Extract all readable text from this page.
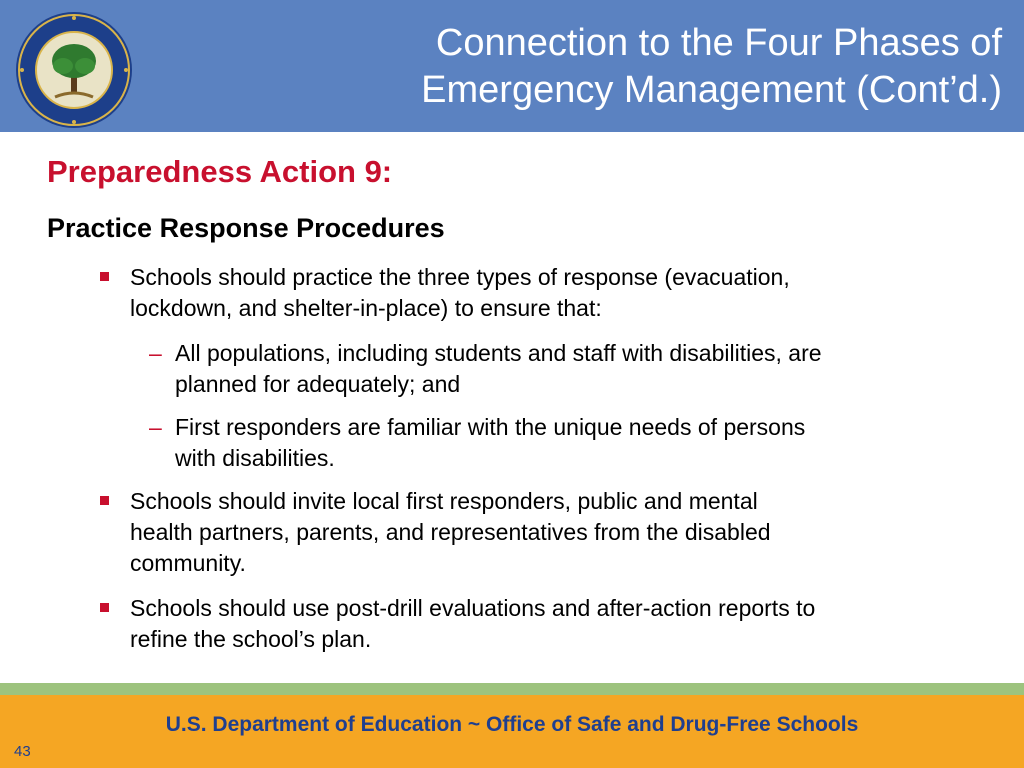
Connection to the Four Phases of
Emergency Management (Cont’d.)
Preparedness Action 9:
Practice Response Procedures
Schools should practice the three types of response (evacuation,
lockdown, and shelter-in-place) to ensure that:
– All populations, including students and staff with disabilities, are
planned for adequately; and
– First responders are familiar with the unique needs of persons
with disabilities.
Schools should invite local first responders, public and mental
health partners, parents, and representatives from the disabled
community.
Schools should use post-drill evaluations and after-action reports to
refine the school’s plan.
U.S. Department of Education ~ Office of Safe and Drug-Free Schools
43
